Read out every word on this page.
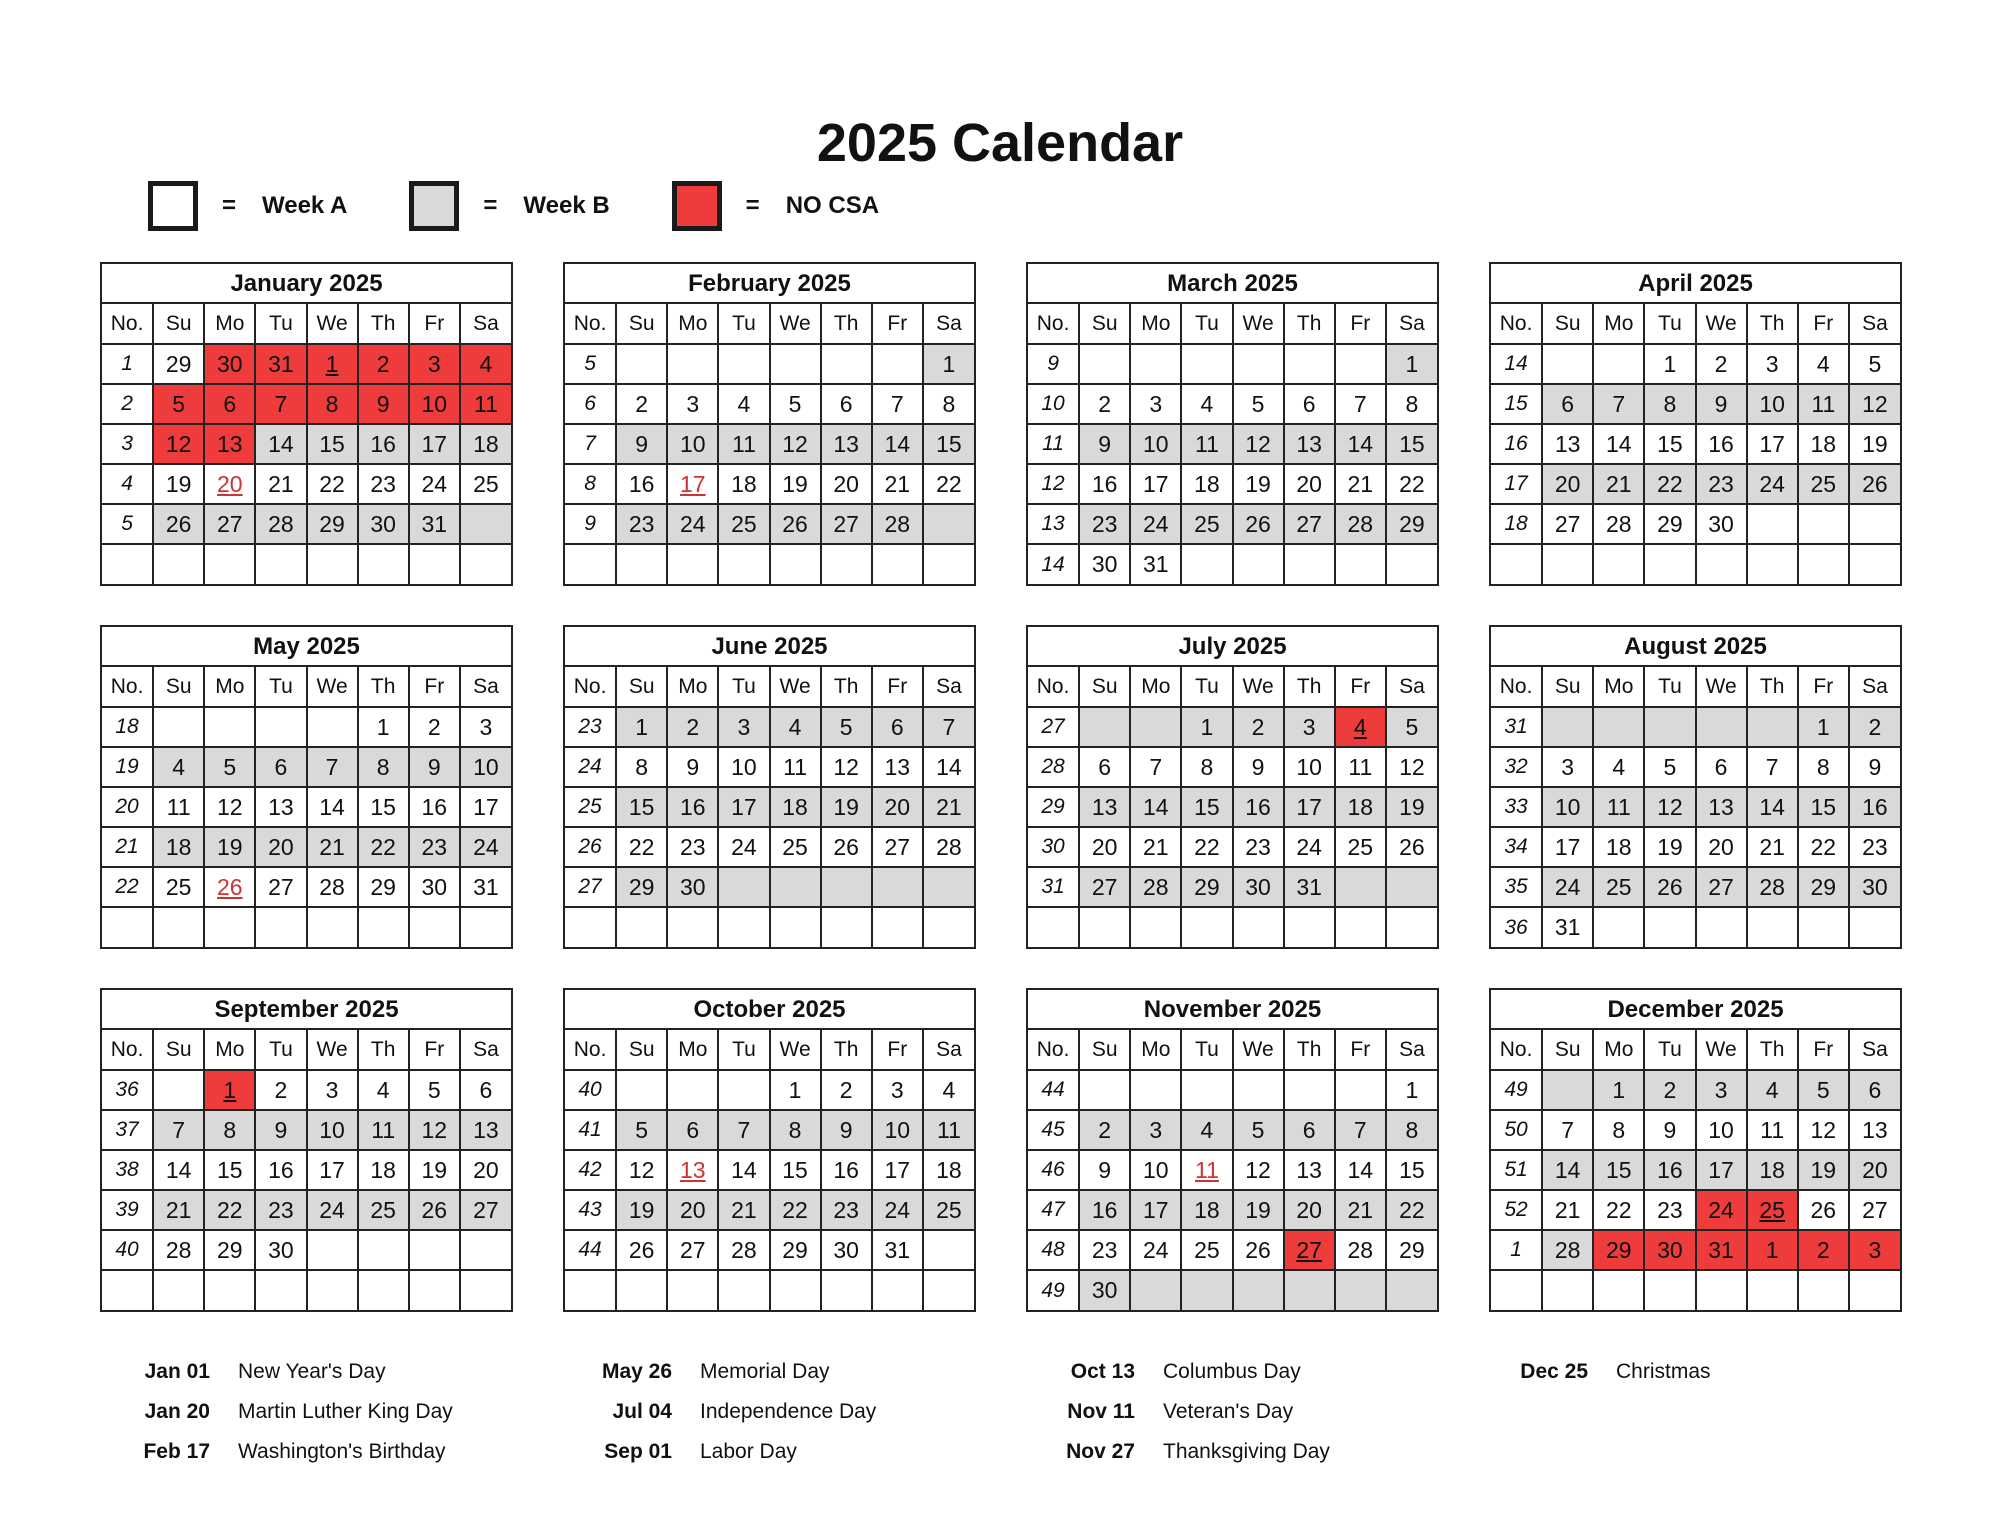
2025 Calendar
= Week A	= Week B	= NO CSA
January 2025
No.	Su	Mo	Tu	We	Th	Fr	Sa
1	29	30	31	1	2	3	4
2	5	6	7	8	9	10	11
3	12	13	14	15	16	17	18
4	19	20	21	22	23	24	25
5	26	27	28	29	30	31	

February 2025
No.	Su	Mo	Tu	We	Th	Fr	Sa
5							1
6	2	3	4	5	6	7	8
7	9	10	11	12	13	14	15
8	16	17	18	19	20	21	22
9	23	24	25	26	27	28	

March 2025
No.	Su	Mo	Tu	We	Th	Fr	Sa
9							1
10	2	3	4	5	6	7	8
11	9	10	11	12	13	14	15
12	16	17	18	19	20	21	22
13	23	24	25	26	27	28	29
14	30	31					
April 2025
No.	Su	Mo	Tu	We	Th	Fr	Sa
14			1	2	3	4	5
15	6	7	8	9	10	11	12
16	13	14	15	16	17	18	19
17	20	21	22	23	24	25	26
18	27	28	29	30			

May 2025
No.	Su	Mo	Tu	We	Th	Fr	Sa
18					1	2	3
19	4	5	6	7	8	9	10
20	11	12	13	14	15	16	17
21	18	19	20	21	22	23	24
22	25	26	27	28	29	30	31

June 2025
No.	Su	Mo	Tu	We	Th	Fr	Sa
23	1	2	3	4	5	6	7
24	8	9	10	11	12	13	14
25	15	16	17	18	19	20	21
26	22	23	24	25	26	27	28
27	29	30					

July 2025
No.	Su	Mo	Tu	We	Th	Fr	Sa
27			1	2	3	4	5
28	6	7	8	9	10	11	12
29	13	14	15	16	17	18	19
30	20	21	22	23	24	25	26
31	27	28	29	30	31		

August 2025
No.	Su	Mo	Tu	We	Th	Fr	Sa
31						1	2
32	3	4	5	6	7	8	9
33	10	11	12	13	14	15	16
34	17	18	19	20	21	22	23
35	24	25	26	27	28	29	30
36	31						
September 2025
No.	Su	Mo	Tu	We	Th	Fr	Sa
36		1	2	3	4	5	6
37	7	8	9	10	11	12	13
38	14	15	16	17	18	19	20
39	21	22	23	24	25	26	27
40	28	29	30				

October 2025
No.	Su	Mo	Tu	We	Th	Fr	Sa
40				1	2	3	4
41	5	6	7	8	9	10	11
42	12	13	14	15	16	17	18
43	19	20	21	22	23	24	25
44	26	27	28	29	30	31	

November 2025
No.	Su	Mo	Tu	We	Th	Fr	Sa
44							1
45	2	3	4	5	6	7	8
46	9	10	11	12	13	14	15
47	16	17	18	19	20	21	22
48	23	24	25	26	27	28	29
49	30						
December 2025
No.	Su	Mo	Tu	We	Th	Fr	Sa
49		1	2	3	4	5	6
50	7	8	9	10	11	12	13
51	14	15	16	17	18	19	20
52	21	22	23	24	25	26	27
1	28	29	30	31	1	2	3

Jan 01 New Year's Day
Jan 20 Martin Luther King Day
Feb 17 Washington's Birthday
May 26 Memorial Day
Jul 04 Independence Day
Sep 01 Labor Day
Oct 13 Columbus Day
Nov 11 Veteran's Day
Nov 27 Thanksgiving Day
Dec 25 Christmas
